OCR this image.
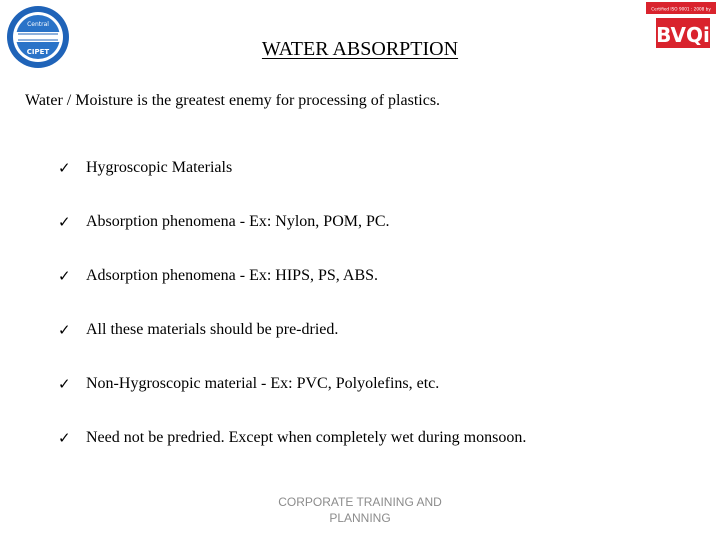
Central
CIPET
Certified ISO 9001 : 2008 by
BVQi
WATER ABSORPTION
Water / Moisture is the greatest enemy for processing of plastics.
✓ Hygroscopic Materials
✓ Absorption phenomena - Ex: Nylon, POM, PC.
✓ Adsorption phenomena - Ex: HIPS, PS, ABS.
✓ All these materials should be pre-dried.
✓ Non-Hygroscopic material - Ex: PVC, Polyolefins, etc.
✓ Need not be predried. Except when completely wet during monsoon.
CORPORATE TRAINING AND
PLANNING
